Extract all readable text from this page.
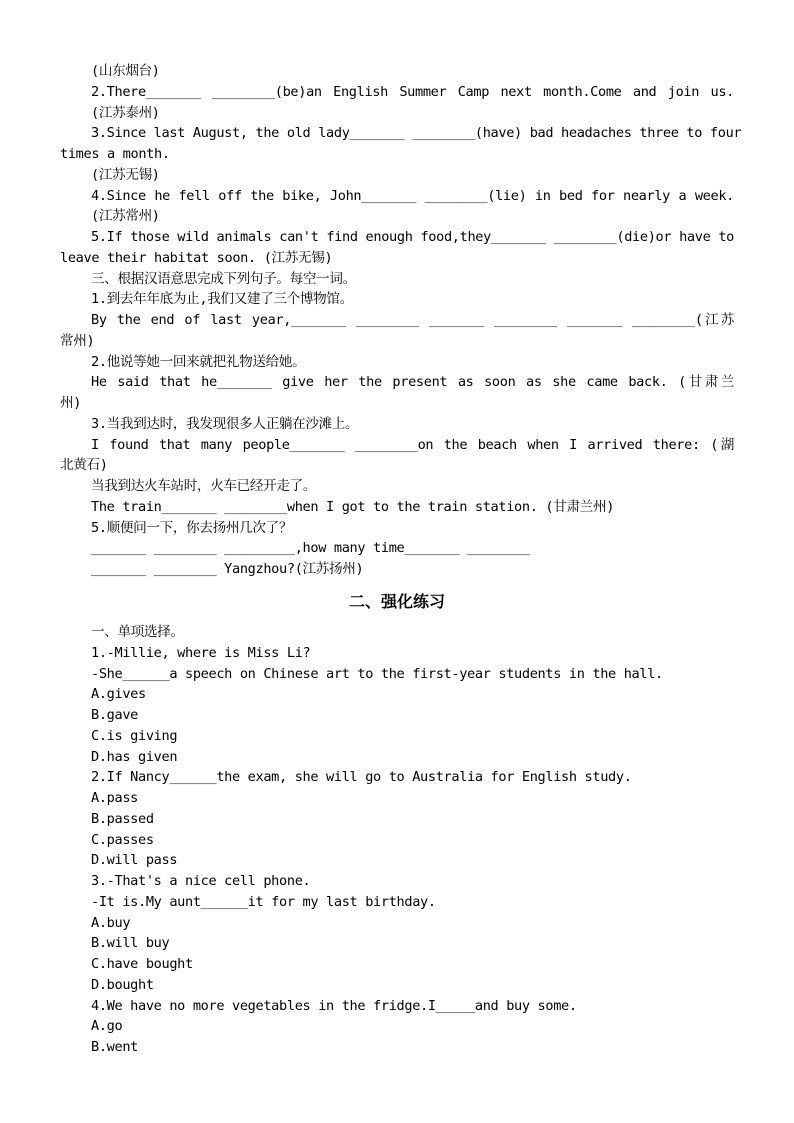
(山东烟台)
2.There_______ ________(be)an English Summer Camp next month.Come and join us.
(江苏泰州)
3.Since last August, the old lady_______ ________(have) bad headaches three to four
times a month.
(江苏无锡)
4.Since he fell off the bike, John_______ ________(lie) in bed for nearly a week.
(江苏常州)
5.If those wild animals can't find enough food,they_______ ________(die)or have to
leave their habitat soon. (江苏无锡)
三、根据汉语意思完成下列句子。每空一词。
1.到去年年底为止,我们又建了三个博物馆。
By the end of last year,_______ ________ _______ ________ _______ ________(江苏
常州)
2.他说等她一回来就把礼物送给她。
He said that he_______ give her the present as soon as she came back. (甘肃兰
州)
3.当我到达时，我发现很多人正躺在沙滩上。
I found that many people_______ ________on the beach when I arrived there: (湖
北黄石)
当我到达火车站时，火车已经开走了。
The train_______ ________when I got to the train station. (甘肃兰州)
5.顺便问一下，你去扬州几次了？
_______ ________ _________,how many time_______ ________
_______ ________ Yangzhou?(江苏扬州)
二、强化练习
一、单项选择。
1.-Millie, where is Miss Li?
-She______a speech on Chinese art to the first-year students in the hall.
A.gives
B.gave
C.is giving
D.has given
2.If Nancy______the exam, she will go to Australia for English study.
A.pass
B.passed
C.passes
D.will pass
3.-That's a nice cell phone.
-It is.My aunt______it for my last birthday.
A.buy
B.will buy
C.have bought
D.bought
4.We have no more vegetables in the fridge.I_____and buy some.
A.go
B.went
